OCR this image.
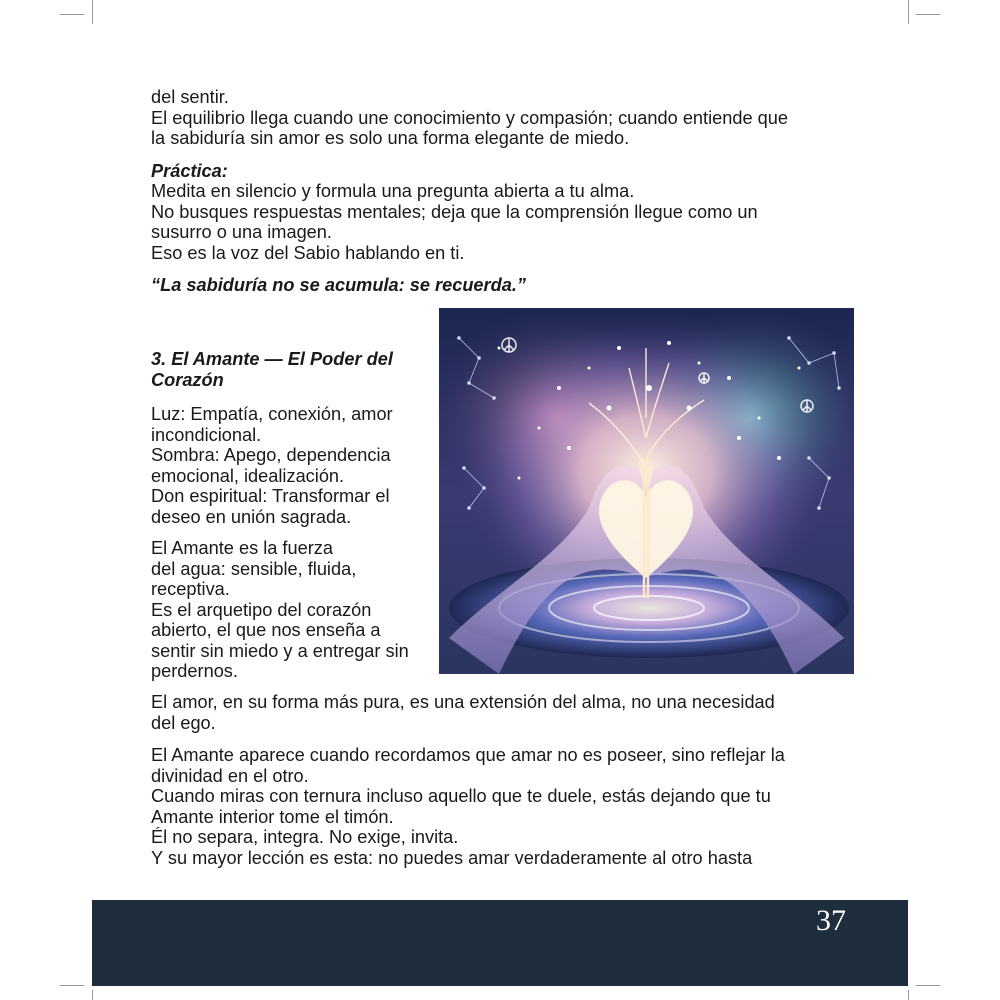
del sentir.

El equilibrio llega cuando une conocimiento y compasión; cuando entiende que

la sabiduría sin amor es solo una forma elegante de miedo.

Práctica:

Medita en silencio y formula una pregunta abierta a tu alma.

No busques respuestas mentales; deja que la comprensión llegue como un

susurro o una imagen.

Eso es la voz del Sabio hablando en ti.

“La sabiduría no se acumula: se recuerda.”

3. El Amante — El Poder del

Corazón

Luz: Empatía, conexión, amor

incondicional.

Sombra: Apego, dependencia

emocional, idealización.

Don espiritual: Transformar el

deseo en unión sagrada.

El Amante es la fuerza

del agua: sensible, fluida,

receptiva.

Es el arquetipo del corazón

abierto, el que nos enseña a

sentir sin miedo y a entregar sin

perdernos.

El amor, en su forma más pura, es una extensión del alma, no una necesidad

del ego.

El Amante aparece cuando recordamos que amar no es poseer, sino reflejar la

divinidad en el otro.

Cuando miras con ternura incluso aquello que te duele, estás dejando que tu

Amante interior tome el timón.

Él no separa, integra. No exige, invita.

Y su mayor lección es esta: no puedes amar verdaderamente al otro hasta

37
